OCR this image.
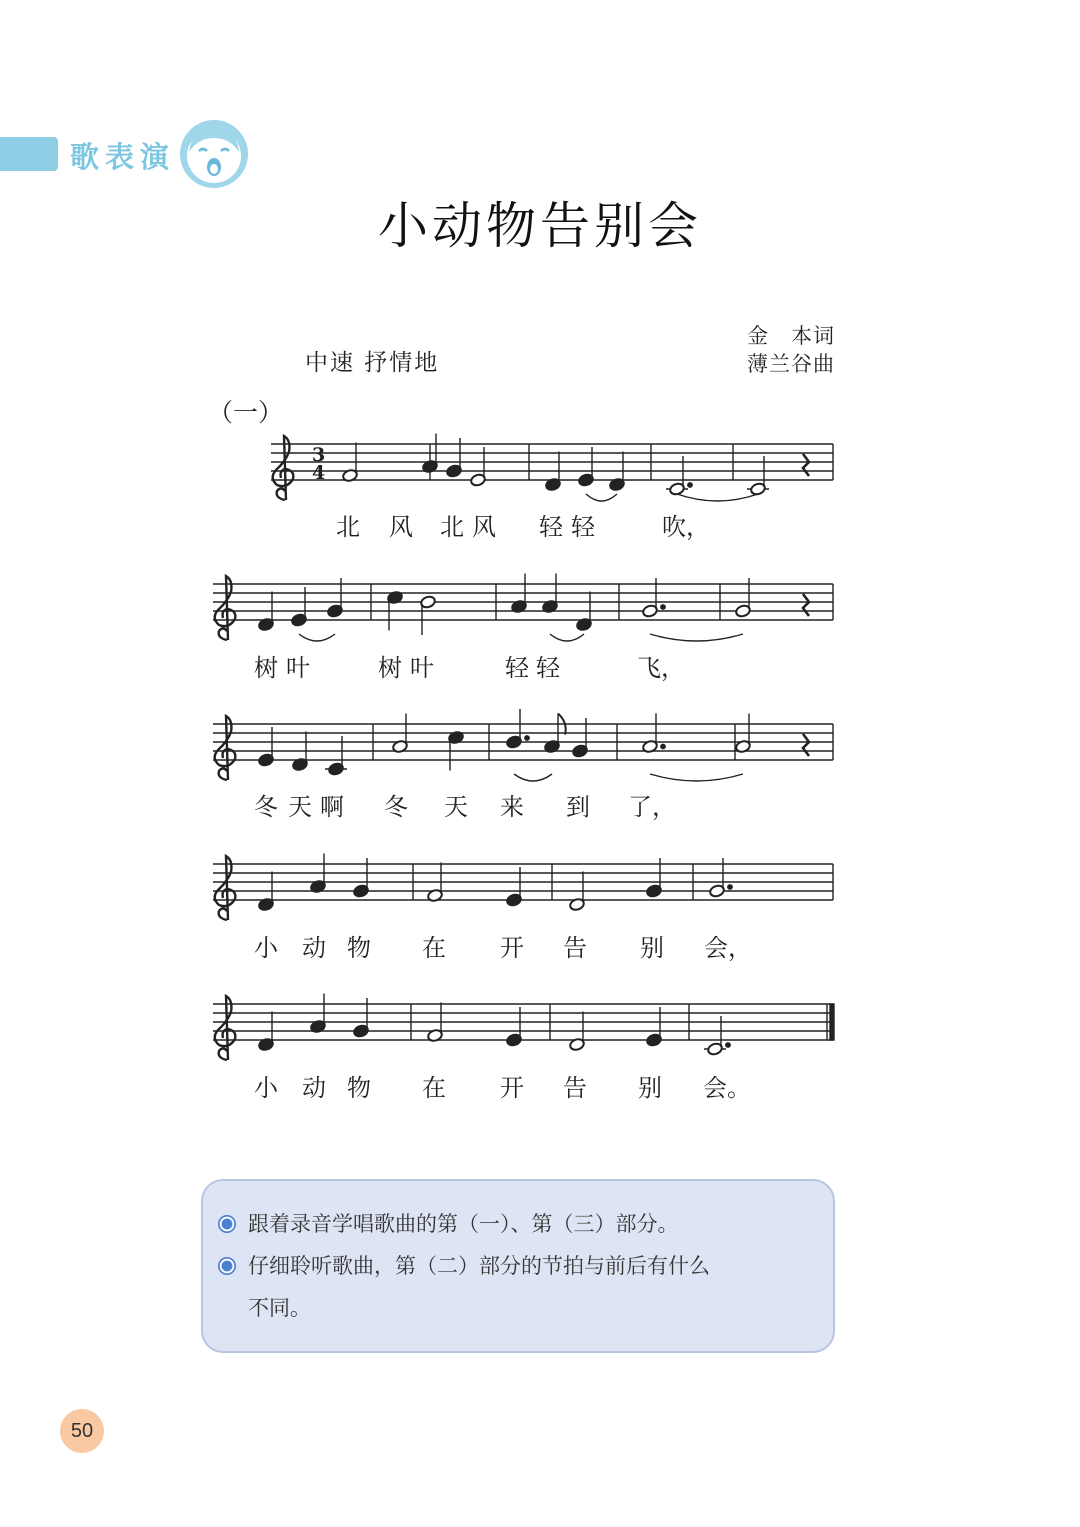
歌表演
小动物告别会
金　本词
薄兰谷曲
中速 抒情地
（一）
3
4
北 风 北 风 轻 轻	吹，
树 叶	树 叶	轻 轻	飞，
冬 天 啊 冬 天 来 到 了，
小 动 物 在 开 告 别 会，
小 动 物 在 开 告 别 会。
跟着录音学唱歌曲的第（一）、第（三）部分。
仔细聆听歌曲，第（二）部分的节拍与前后有什么
不同。
50
